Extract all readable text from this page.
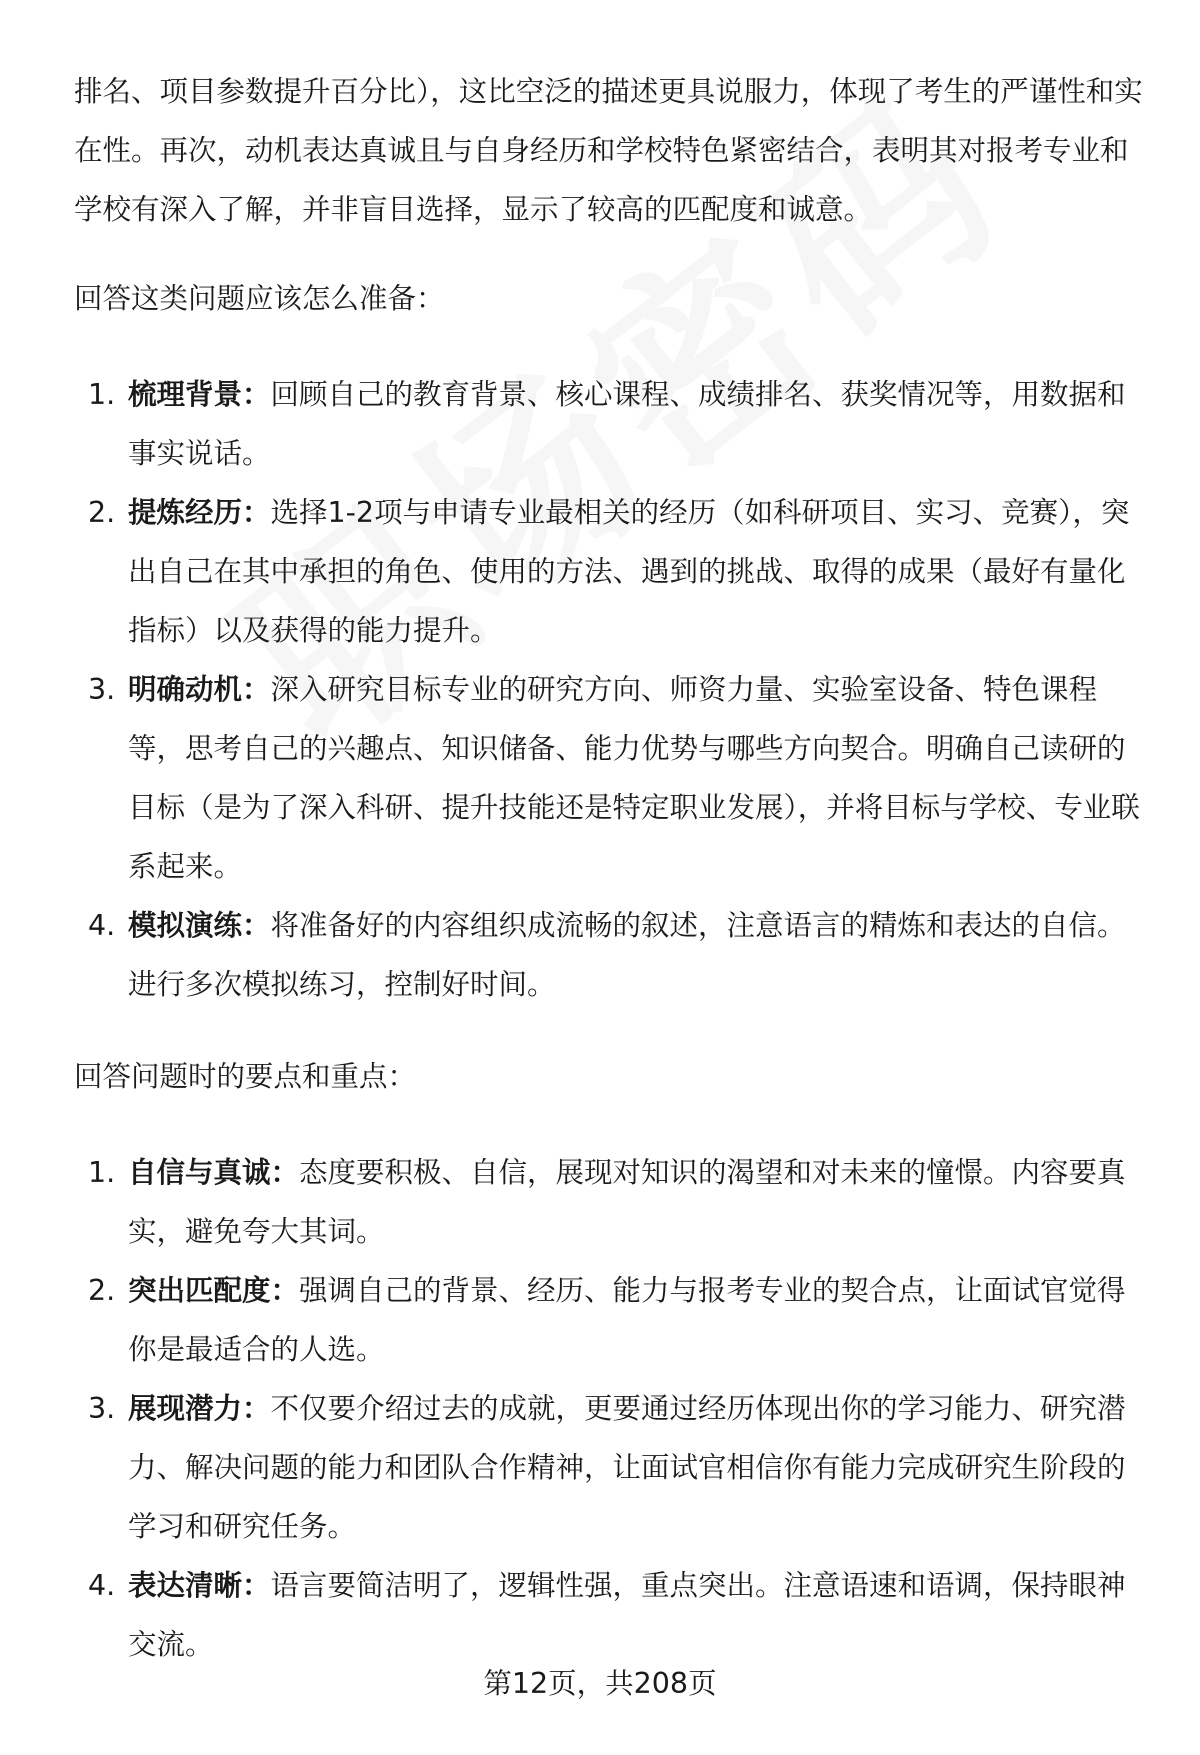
排名、项目参数提升百分比），这比空泛的描述更具说服力，体现了考生的严谨性和实在性。再次，动机表达真诚且与自身经历和学校特色紧密结合，表明其对报考专业和学校有深入了解，并非盲目选择，显示了较高的匹配度和诚意。

回答这类问题应该怎么准备：

1. 梳理背景：回顾自己的教育背景、核心课程、成绩排名、获奖情况等，用数据和事实说话。
2. 提炼经历：选择1-2项与申请专业最相关的经历（如科研项目、实习、竞赛），突出自己在其中承担的角色、使用的方法、遇到的挑战、取得的成果（最好有量化指标）以及获得的能力提升。
3. 明确动机：深入研究目标专业的研究方向、师资力量、实验室设备、特色课程等，思考自己的兴趣点、知识储备、能力优势与哪些方向契合。明确自己读研的目标（是为了深入科研、提升技能还是特定职业发展），并将目标与学校、专业联系起来。
4. 模拟演练：将准备好的内容组织成流畅的叙述，注意语言的精炼和表达的自信。进行多次模拟练习，控制好时间。

回答问题时的要点和重点：

1. 自信与真诚：态度要积极、自信，展现对知识的渴望和对未来的憧憬。内容要真实，避免夸大其词。
2. 突出匹配度：强调自己的背景、经历、能力与报考专业的契合点，让面试官觉得你是最适合的人选。
3. 展现潜力：不仅要介绍过去的成就，更要通过经历体现出你的学习能力、研究潜力、解决问题的能力和团队合作精神，让面试官相信你有能力完成研究生阶段的学习和研究任务。
4. 表达清晰：语言要简洁明了，逻辑性强，重点突出。注意语速和语调，保持眼神交流。
第12页，共208页
